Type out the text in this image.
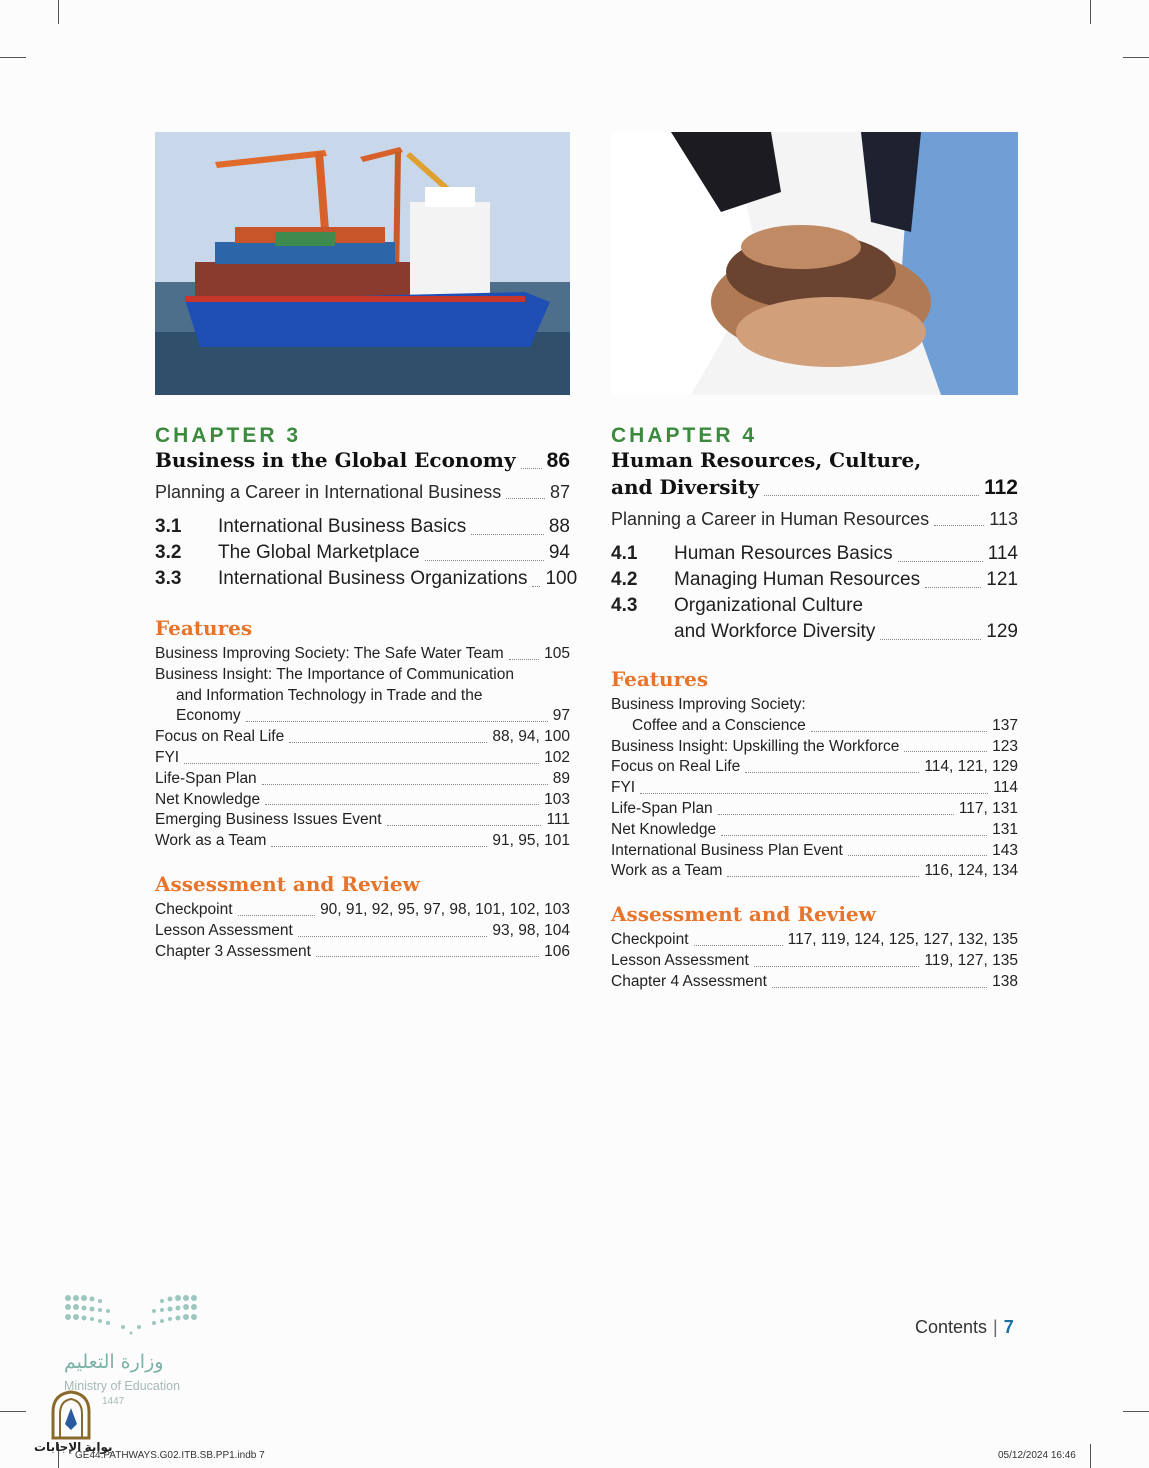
CHAPTER 3
Business in the Global Economy 86
Planning a Career in International Business	87
3.1	International Business Basics	88
3.2	The Global Marketplace	94
3.3	International Business Organizations 100
Features
Business Improving Society: The Safe Water Team	105
Business Insight: The Importance of Communication
and Information Technology in Trade and the
Economy	97
Focus on Real Life	88, 94, 100
FYI	102
Life-Span Plan	89
Net Knowledge	103
Emerging Business Issues Event	111
Work as a Team	91, 95, 101
Assessment and Review
Checkpoint	90, 91, 92, 95, 97, 98, 101, 102, 103
Lesson Assessment	93, 98, 104
Chapter 3 Assessment	106
CHAPTER 4
Human Resources, Culture,
and Diversity	112
Planning a Career in Human Resources	113
4.1	Human Resources Basics	114
4.2	Managing Human Resources	121
4.3	Organizational Culture
and Workforce Diversity	129
Features
Business Improving Society:
Coffee and a Conscience	137
Business Insight: Upskilling the Workforce	123
Focus on Real Life	114, 121, 129
FYI	114
Life-Span Plan	117, 131
Net Knowledge	131
International Business Plan Event	143
Work as a Team	116, 124, 134
Assessment and Review
Checkpoint	117, 119, 124, 125, 127, 132, 135
Lesson Assessment	119, 127, 135
Chapter 4 Assessment	138
Contents | 7
وزارة التعليم
Ministry of Education
1447
بوابة الإجابات
GE44.PATHWAYS.G02.ITB.SB.PP1.indb 7	05/12/2024 16:46
